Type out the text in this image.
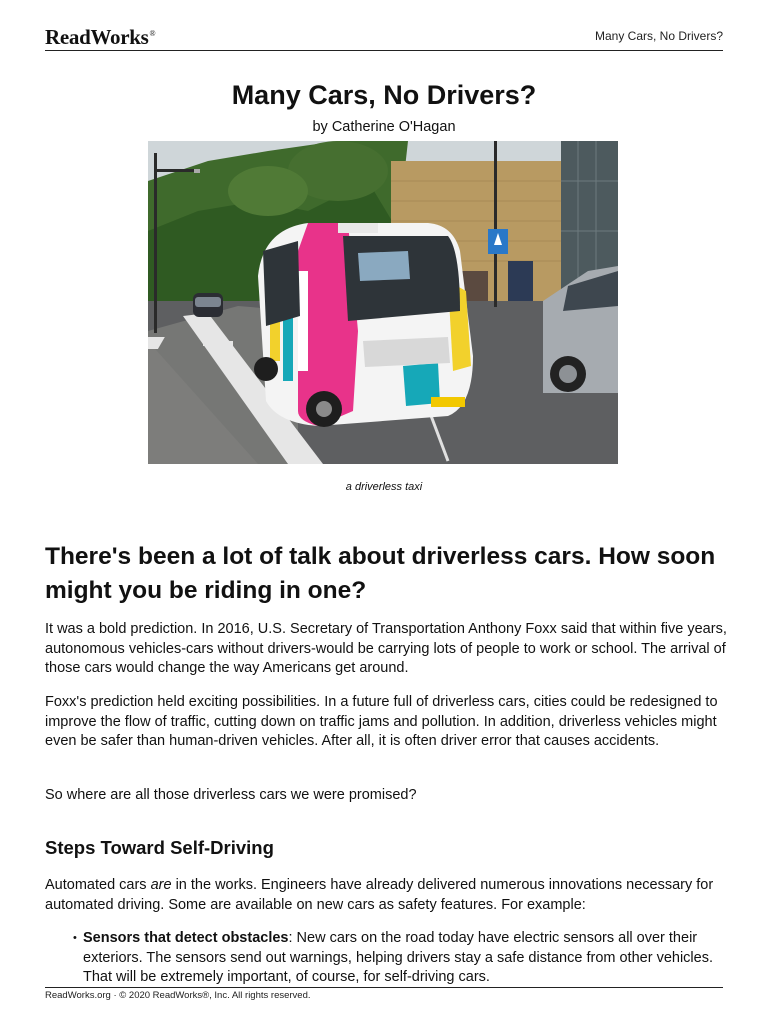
ReadWorks®	Many Cars, No Drivers?
Many Cars, No Drivers?
by Catherine O'Hagan
a driverless taxi
There's been a lot of talk about driverless cars. How soon might you be riding in one?
It was a bold prediction. In 2016, U.S. Secretary of Transportation Anthony Foxx said that within five years, autonomous vehicles-cars without drivers-would be carrying lots of people to work or school. The arrival of those cars would change the way Americans get around.
Foxx's prediction held exciting possibilities. In a future full of driverless cars, cities could be redesigned to improve the flow of traffic, cutting down on traffic jams and pollution. In addition, driverless vehicles might even be safer than human-driven vehicles. After all, it is often driver error that causes accidents.
So where are all those driverless cars we were promised?
Steps Toward Self-Driving
Automated cars are in the works. Engineers have already delivered numerous innovations necessary for automated driving. Some are available on new cars as safety features. For example:
• Sensors that detect obstacles: New cars on the road today have electric sensors all over their exteriors. The sensors send out warnings, helping drivers stay a safe distance from other vehicles. That will be extremely important, of course, for self-driving cars.
ReadWorks.org · © 2020 ReadWorks®, Inc. All rights reserved.
